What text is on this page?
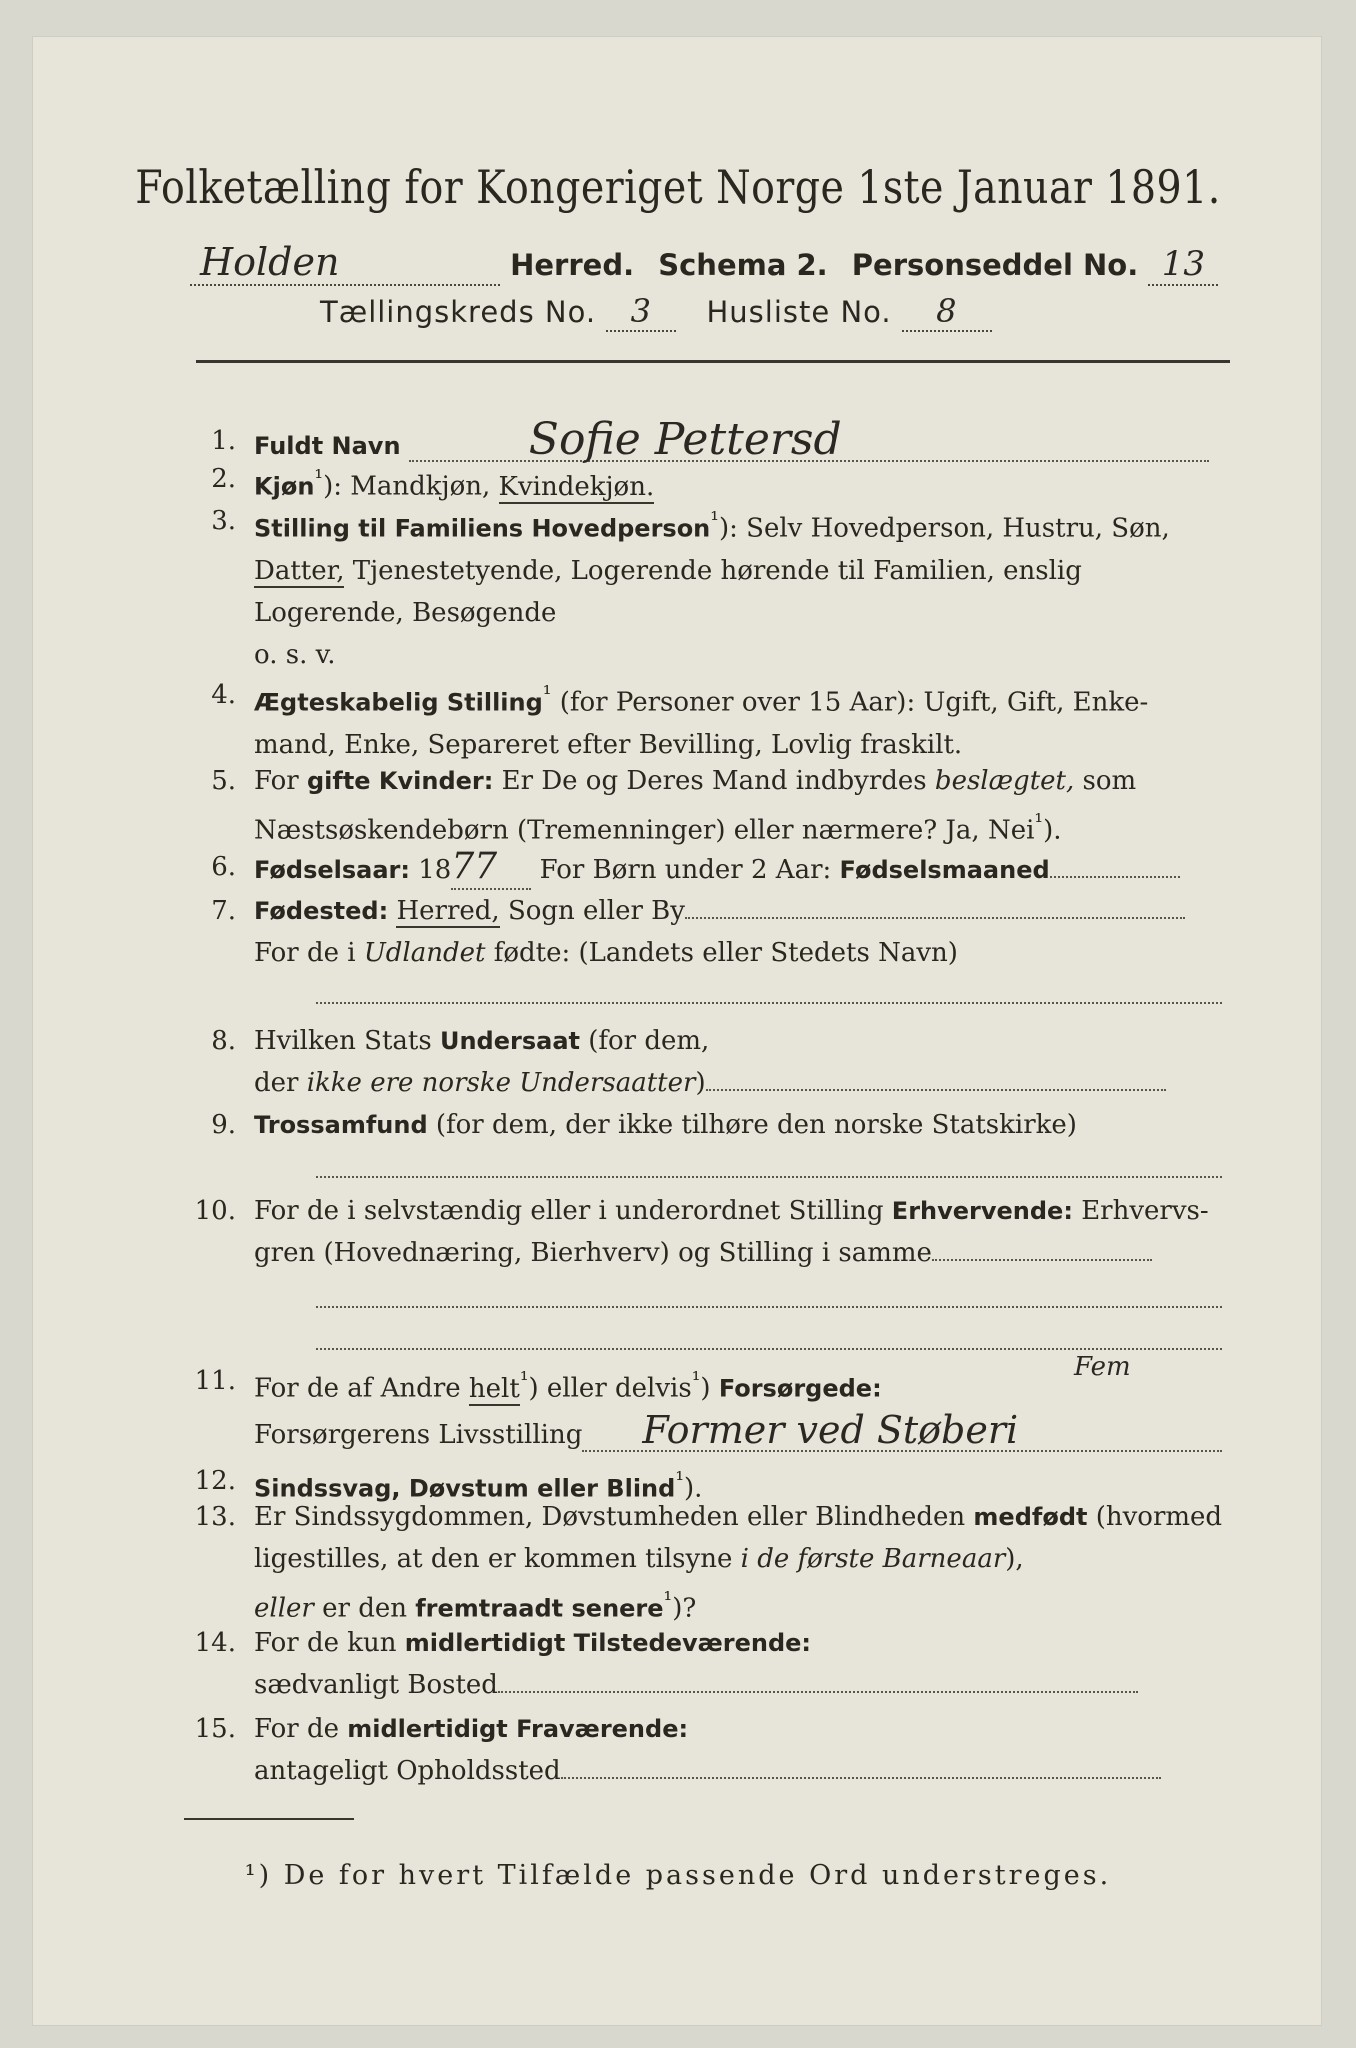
Folketælling for Kongeriget Norge 1ste Januar 1891.
Holden	Herred. Schema 2. Personseddel No. 13
Tællingskreds No. 3 Husliste No. 8
1. Fuldt Navn	Sofie Pettersd
2. Kjøn$^{^1}$): Mandkjøn, Kvindekjøn.
3. Stilling til Familiens Hovedperson$^{^1}$): Selv Hovedperson, Hustru, Søn,
Datter, Tjenestetyende, Logerende hørende til Familien, enslig
Logerende, Besøgende
o. s. v.
4. Ægteskabelig Stilling$^{^1}$ (for Personer over 15 Aar): Ugift, Gift, Enke-
mand, Enke, Separeret efter Bevilling, Lovlig fraskilt.
5. For gifte Kvinder: Er De og Deres Mand indbyrdes beslægtet, som
Næstsøskendebørn (Tremenninger) eller nærmere? Ja, Nei$^{^1}$).
6. Fødselsaar: 1877 For Børn under 2 Aar: Fødselsmaaned
7. Fødested: Herred, Sogn eller By
For de i Udlandet fødte: (Landets eller Stedets Navn)
8. Hvilken Stats Undersaat (for dem,
der ikke ere norske Undersaatter)
9. Trossamfund (for dem, der ikke tilhøre den norske Statskirke)
10. For de i selvstændig eller i underordnet Stilling Erhvervende: Erhvervs-
gren (Hovednæring, Bierhverv) og Stilling i samme
11. For de af Andre helt$^{^1}$) eller delvis$^{^1}$) Forsørgede:
Fem
Forsørgerens Livsstilling Former ved Støberi
12. Sindssvag, Døvstum eller Blind$^{^1}$).
13. Er Sindssygdommen, Døvstumheden eller Blindheden medfødt (hvormed
ligestilles, at den er kommen tilsyne i de første Barneaar),
eller er den fremtraadt senere$^{^1}$)?
14. For de kun midlertidigt Tilstedeværende:
sædvanligt Bosted
15. For de midlertidigt Fraværende:
antageligt Opholdssted
¹) De for hvert Tilfælde passende Ord understreges.
